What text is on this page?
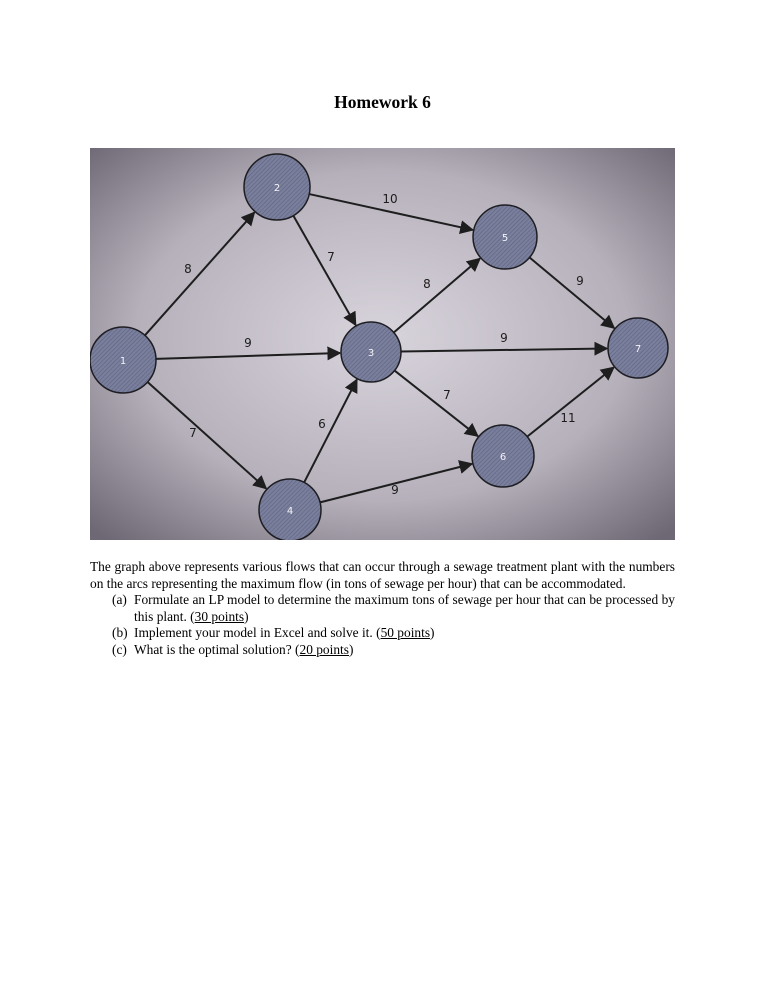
Homework 6
8
9
7
10
7
8
9
7
6
9
9
11
1
2
3
4
5
6
7

The graph above represents various flows that can occur through a sewage treatment plant with the numbers on the arcs representing the maximum flow (in tons of sewage per hour) that can be accommodated.

(a) Formulate an LP model to determine the maximum tons of sewage per hour that can be processed by this plant. (30 points)
(b) Implement your model in Excel and solve it. (50 points)
(c) What is the optimal solution? (20 points)
